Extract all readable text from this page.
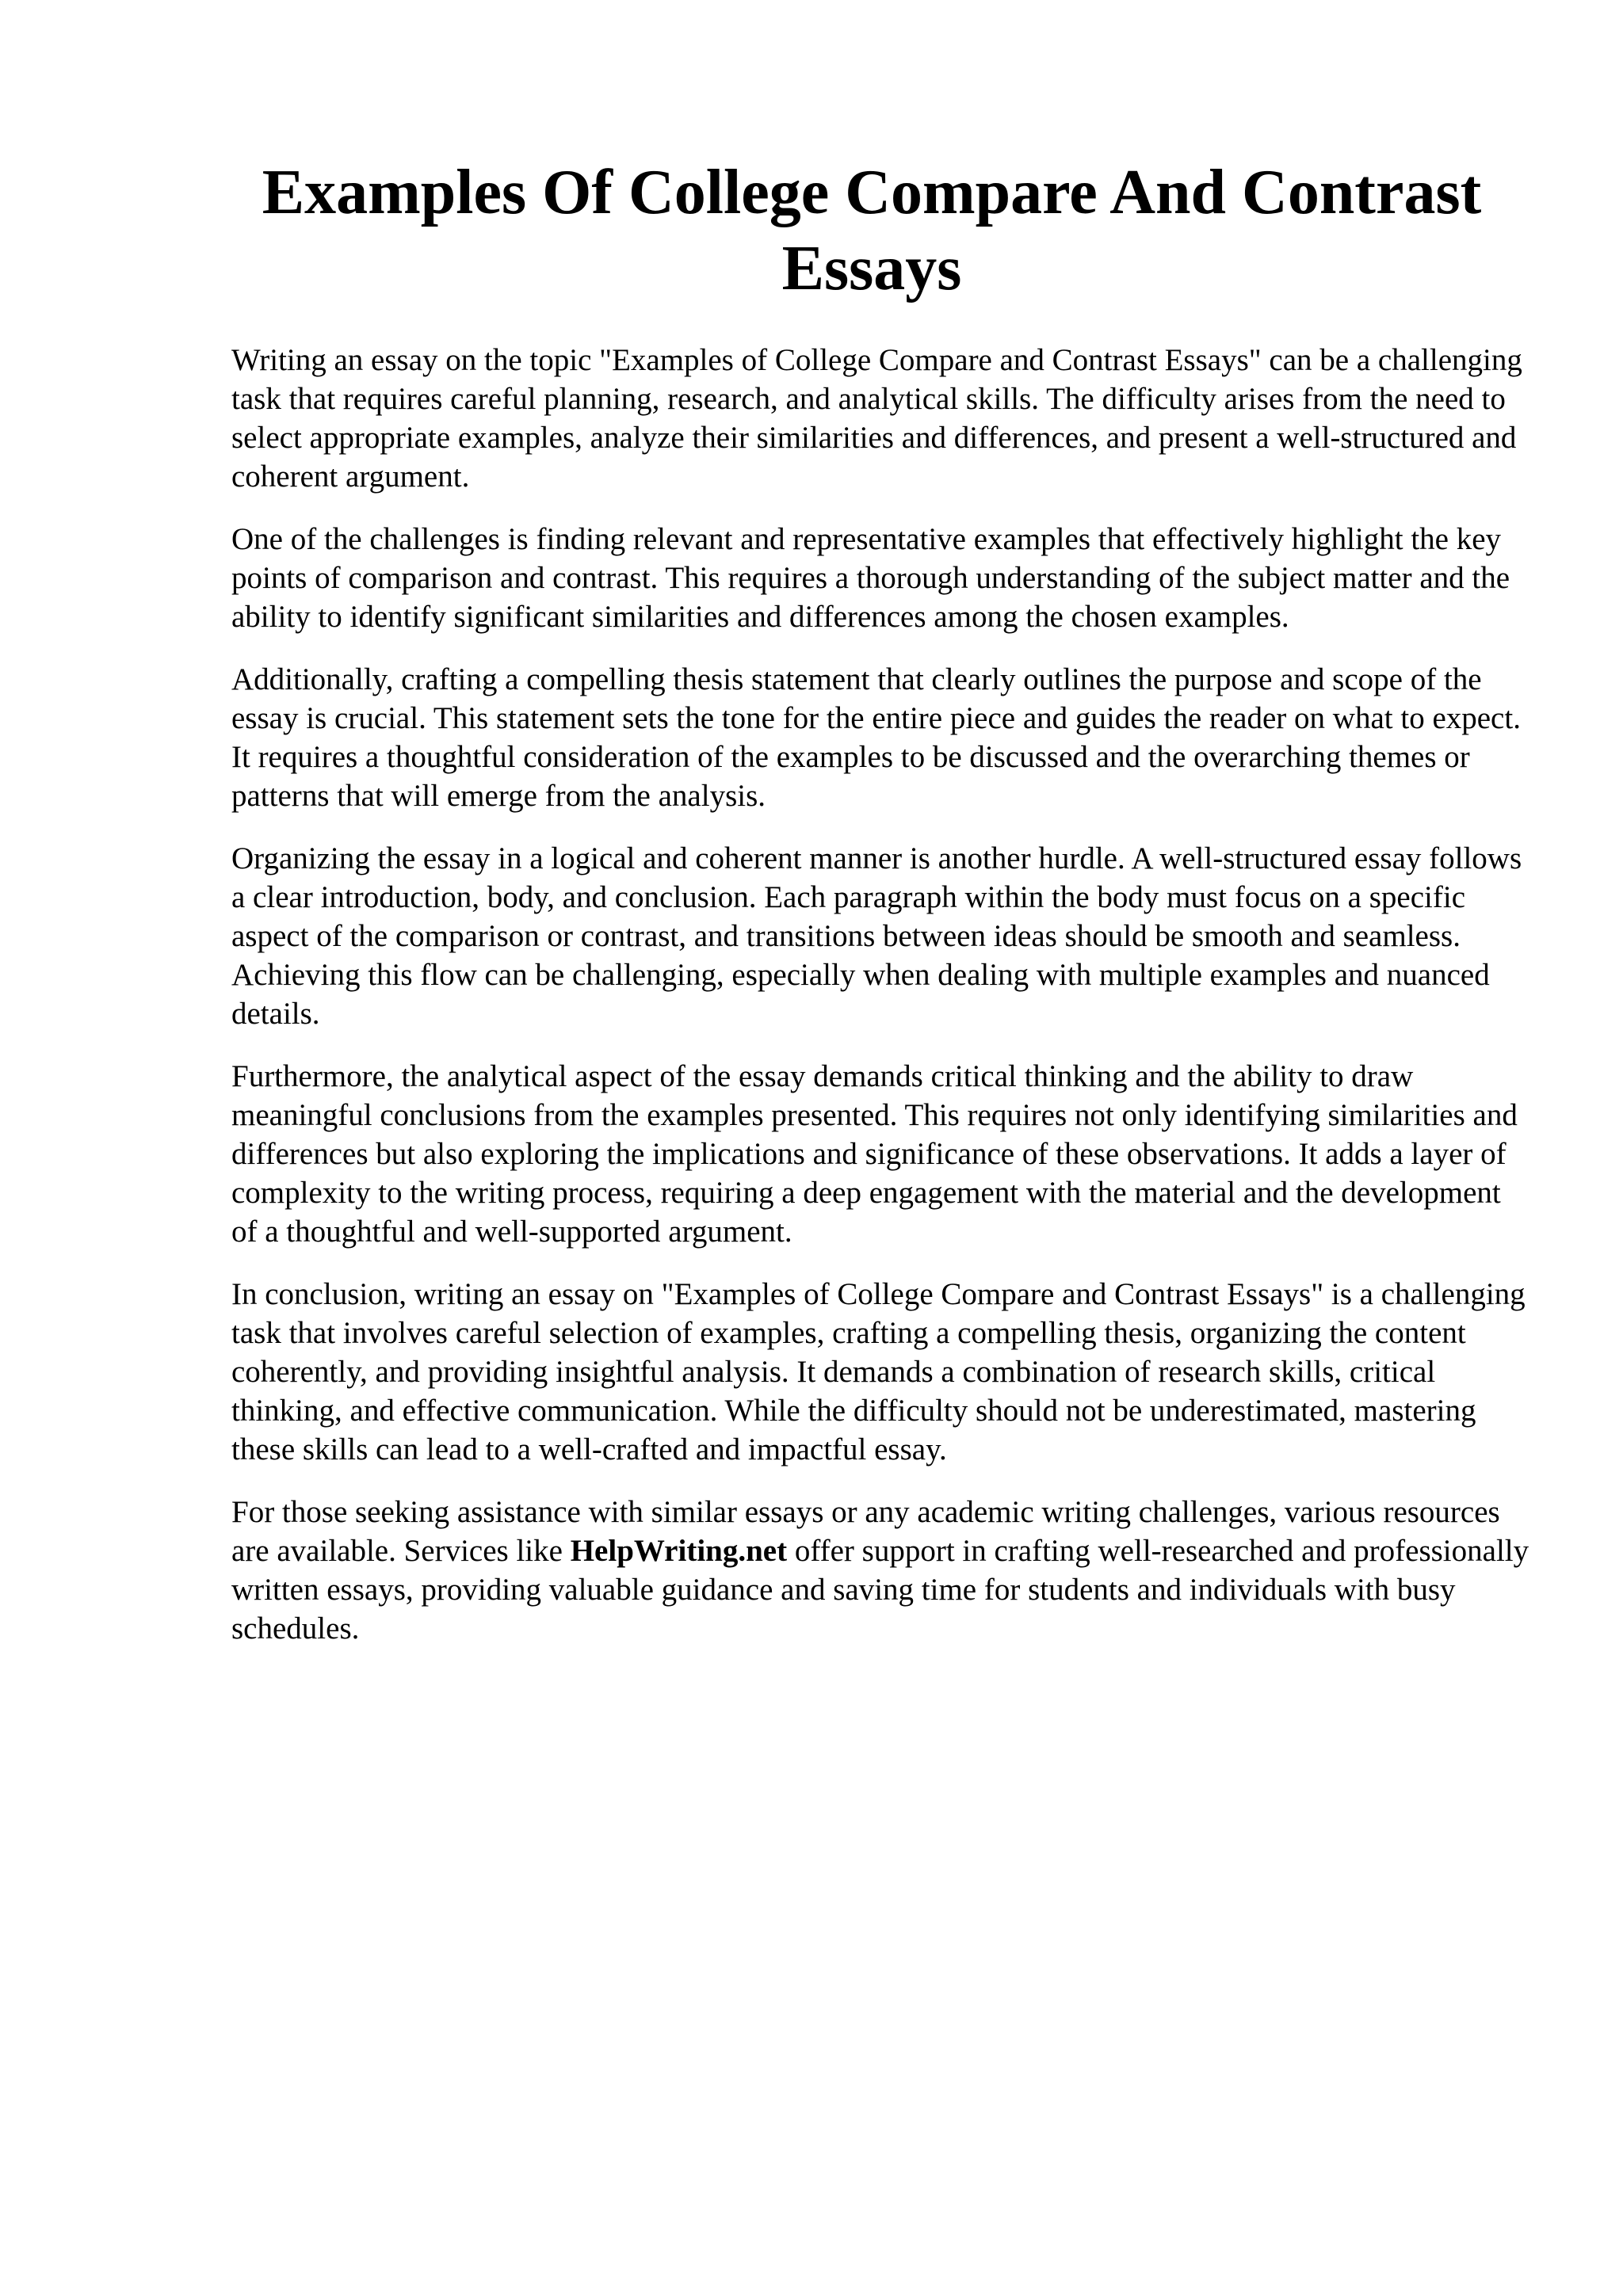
Examples Of College Compare And Contrast Essays

Writing an essay on the topic "Examples of College Compare and Contrast Essays" can be a challenging task that requires careful planning, research, and analytical skills. The difficulty arises from the need to select appropriate examples, analyze their similarities and differences, and present a well-structured and coherent argument.

One of the challenges is finding relevant and representative examples that effectively highlight the key points of comparison and contrast. This requires a thorough understanding of the subject matter and the ability to identify significant similarities and differences among the chosen examples.

Additionally, crafting a compelling thesis statement that clearly outlines the purpose and scope of the essay is crucial. This statement sets the tone for the entire piece and guides the reader on what to expect. It requires a thoughtful consideration of the examples to be discussed and the overarching themes or patterns that will emerge from the analysis.

Organizing the essay in a logical and coherent manner is another hurdle. A well-structured essay follows a clear introduction, body, and conclusion. Each paragraph within the body must focus on a specific aspect of the comparison or contrast, and transitions between ideas should be smooth and seamless. Achieving this flow can be challenging, especially when dealing with multiple examples and nuanced details.

Furthermore, the analytical aspect of the essay demands critical thinking and the ability to draw meaningful conclusions from the examples presented. This requires not only identifying similarities and differences but also exploring the implications and significance of these observations. It adds a layer of complexity to the writing process, requiring a deep engagement with the material and the development of a thoughtful and well-supported argument.

In conclusion, writing an essay on "Examples of College Compare and Contrast Essays" is a challenging task that involves careful selection of examples, crafting a compelling thesis, organizing the content coherently, and providing insightful analysis. It demands a combination of research skills, critical thinking, and effective communication. While the difficulty should not be underestimated, mastering these skills can lead to a well-crafted and impactful essay.

For those seeking assistance with similar essays or any academic writing challenges, various resources are available. Services like HelpWriting.net offer support in crafting well-researched and professionally written essays, providing valuable guidance and saving time for students and individuals with busy schedules.
